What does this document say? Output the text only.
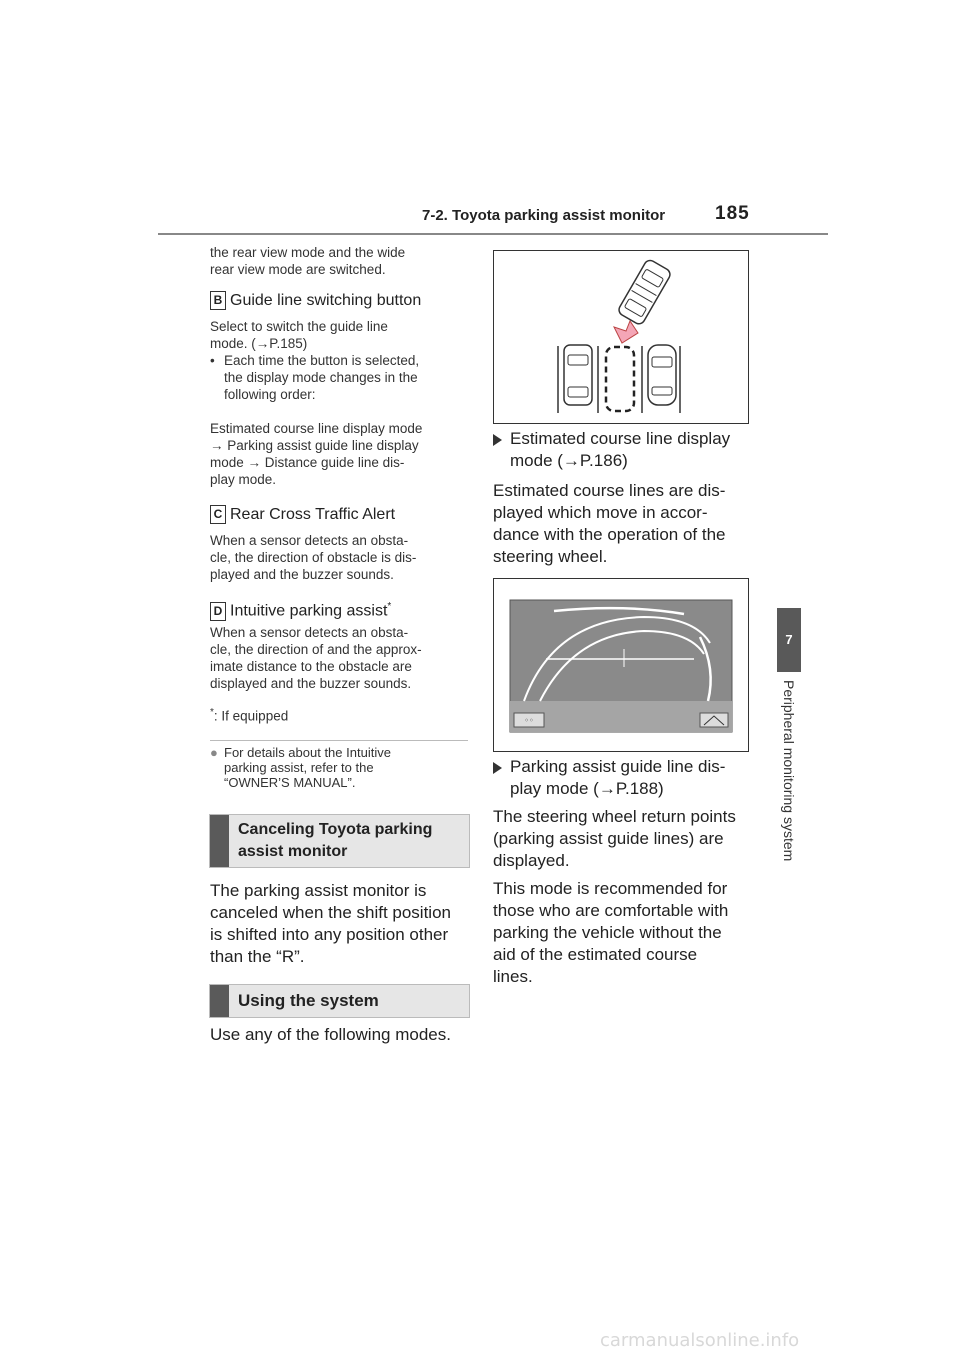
7-2. Toyota parking assist monitor	185
7
Peripheral monitoring system
the rear view mode and the wide
rear view mode are switched.
B Guide line switching button
Select to switch the guide line
mode. (→P.185)
• Each time the button is selected,
the display mode changes in the
following order:
Estimated course line display mode
→ Parking assist guide line display
mode → Distance guide line dis-
play mode.
C Rear Cross Traffic Alert
When a sensor detects an obsta-
cle, the direction of obstacle is dis-
played and the buzzer sounds.
D Intuitive parking assist*
When a sensor detects an obsta-
cle, the direction of and the approx-
imate distance to the obstacle are
displayed and the buzzer sounds.
*: If equipped
● For details about the Intuitive
parking assist, refer to the
“OWNER’S MANUAL”.
Canceling Toyota parking
assist monitor
The parking assist monitor is
canceled when the shift position
is shifted into any position other
than the “R”.
Using the system
Use any of the following modes.
Estimated course line display
mode (→P.186)
Estimated course lines are dis-
played which move in accor-
dance with the operation of the
steering wheel.
◦◦
Parking assist guide line dis-
play mode (→P.188)
The steering wheel return points
(parking assist guide lines) are
displayed.
This mode is recommended for
those who are comfortable with
parking the vehicle without the
aid of the estimated course
lines.
carmanualsonline.info
